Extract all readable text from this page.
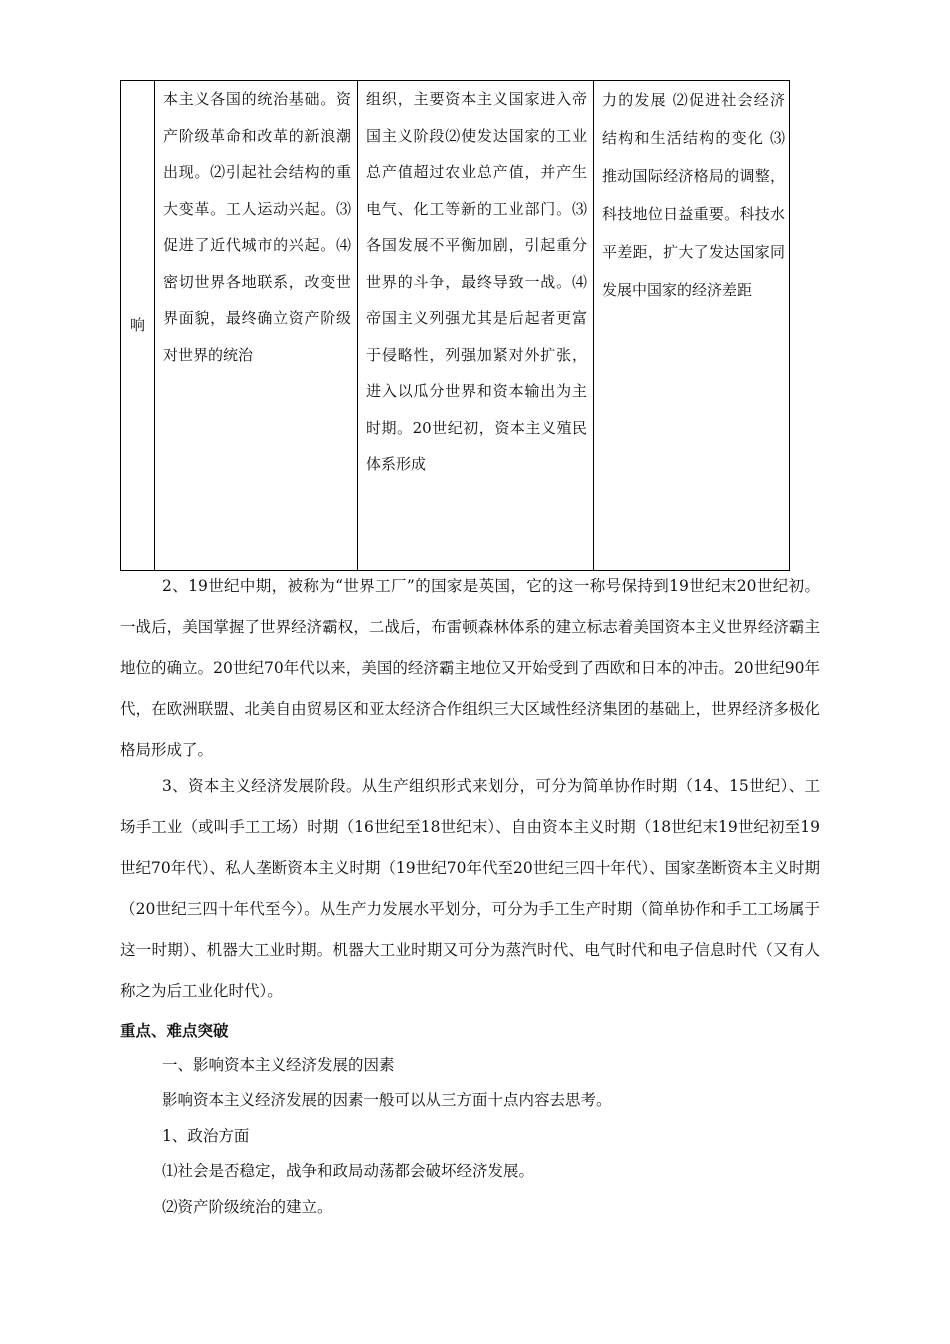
响
本主义各国的统治基础。资产阶级革命和改革的新浪潮出现。⑵引起社会结构的重大变革。工人运动兴起。⑶促进了近代城市的兴起。⑷密切世界各地联系，改变世界面貌，最终确立资产阶级对世界的统治
组织，主要资本主义国家进入帝国主义阶段⑵使发达国家的工业总产值超过农业总产值，并产生电气、化工等新的工业部门。⑶各国发展不平衡加剧，引起重分世界的斗争，最终导致一战。⑷帝国主义列强尤其是后起者更富于侵略性，列强加紧对外扩张，进入以瓜分世界和资本输出为主时期。20世纪初，资本主义殖民体系形成
力的发展 ⑵促进社会经济结构和生活结构的变化 ⑶推动国际经济格局的调整，科技地位日益重要。科技水平差距，扩大了发达国家同发展中国家的经济差距

2、19世纪中期，被称为“世界工厂”的国家是英国，它的这一称号保持到19世纪末20世纪初。一战后，美国掌握了世界经济霸权，二战后，布雷顿森林体系的建立标志着美国资本主义世界经济霸主地位的确立。20世纪70年代以来，美国的经济霸主地位又开始受到了西欧和日本的冲击。20世纪90年代，在欧洲联盟、北美自由贸易区和亚太经济合作组织三大区域性经济集团的基础上，世界经济多极化格局形成了。

3、资本主义经济发展阶段。从生产组织形式来划分，可分为简单协作时期（14、15世纪）、工场手工业（或叫手工工场）时期（16世纪至18世纪末）、自由资本主义时期（18世纪末19世纪初至19世纪70年代）、私人垄断资本主义时期（19世纪70年代至20世纪三四十年代）、国家垄断资本主义时期（20世纪三四十年代至今）。从生产力发展水平划分，可分为手工生产时期（简单协作和手工工场属于这一时期）、机器大工业时期。机器大工业时期又可分为蒸汽时代、电气时代和电子信息时代（又有人称之为后工业化时代）。

重点、难点突破

一、影响资本主义经济发展的因素

影响资本主义经济发展的因素一般可以从三方面十点内容去思考。

1、政治方面

⑴社会是否稳定，战争和政局动荡都会破坏经济发展。

⑵资产阶级统治的建立。
